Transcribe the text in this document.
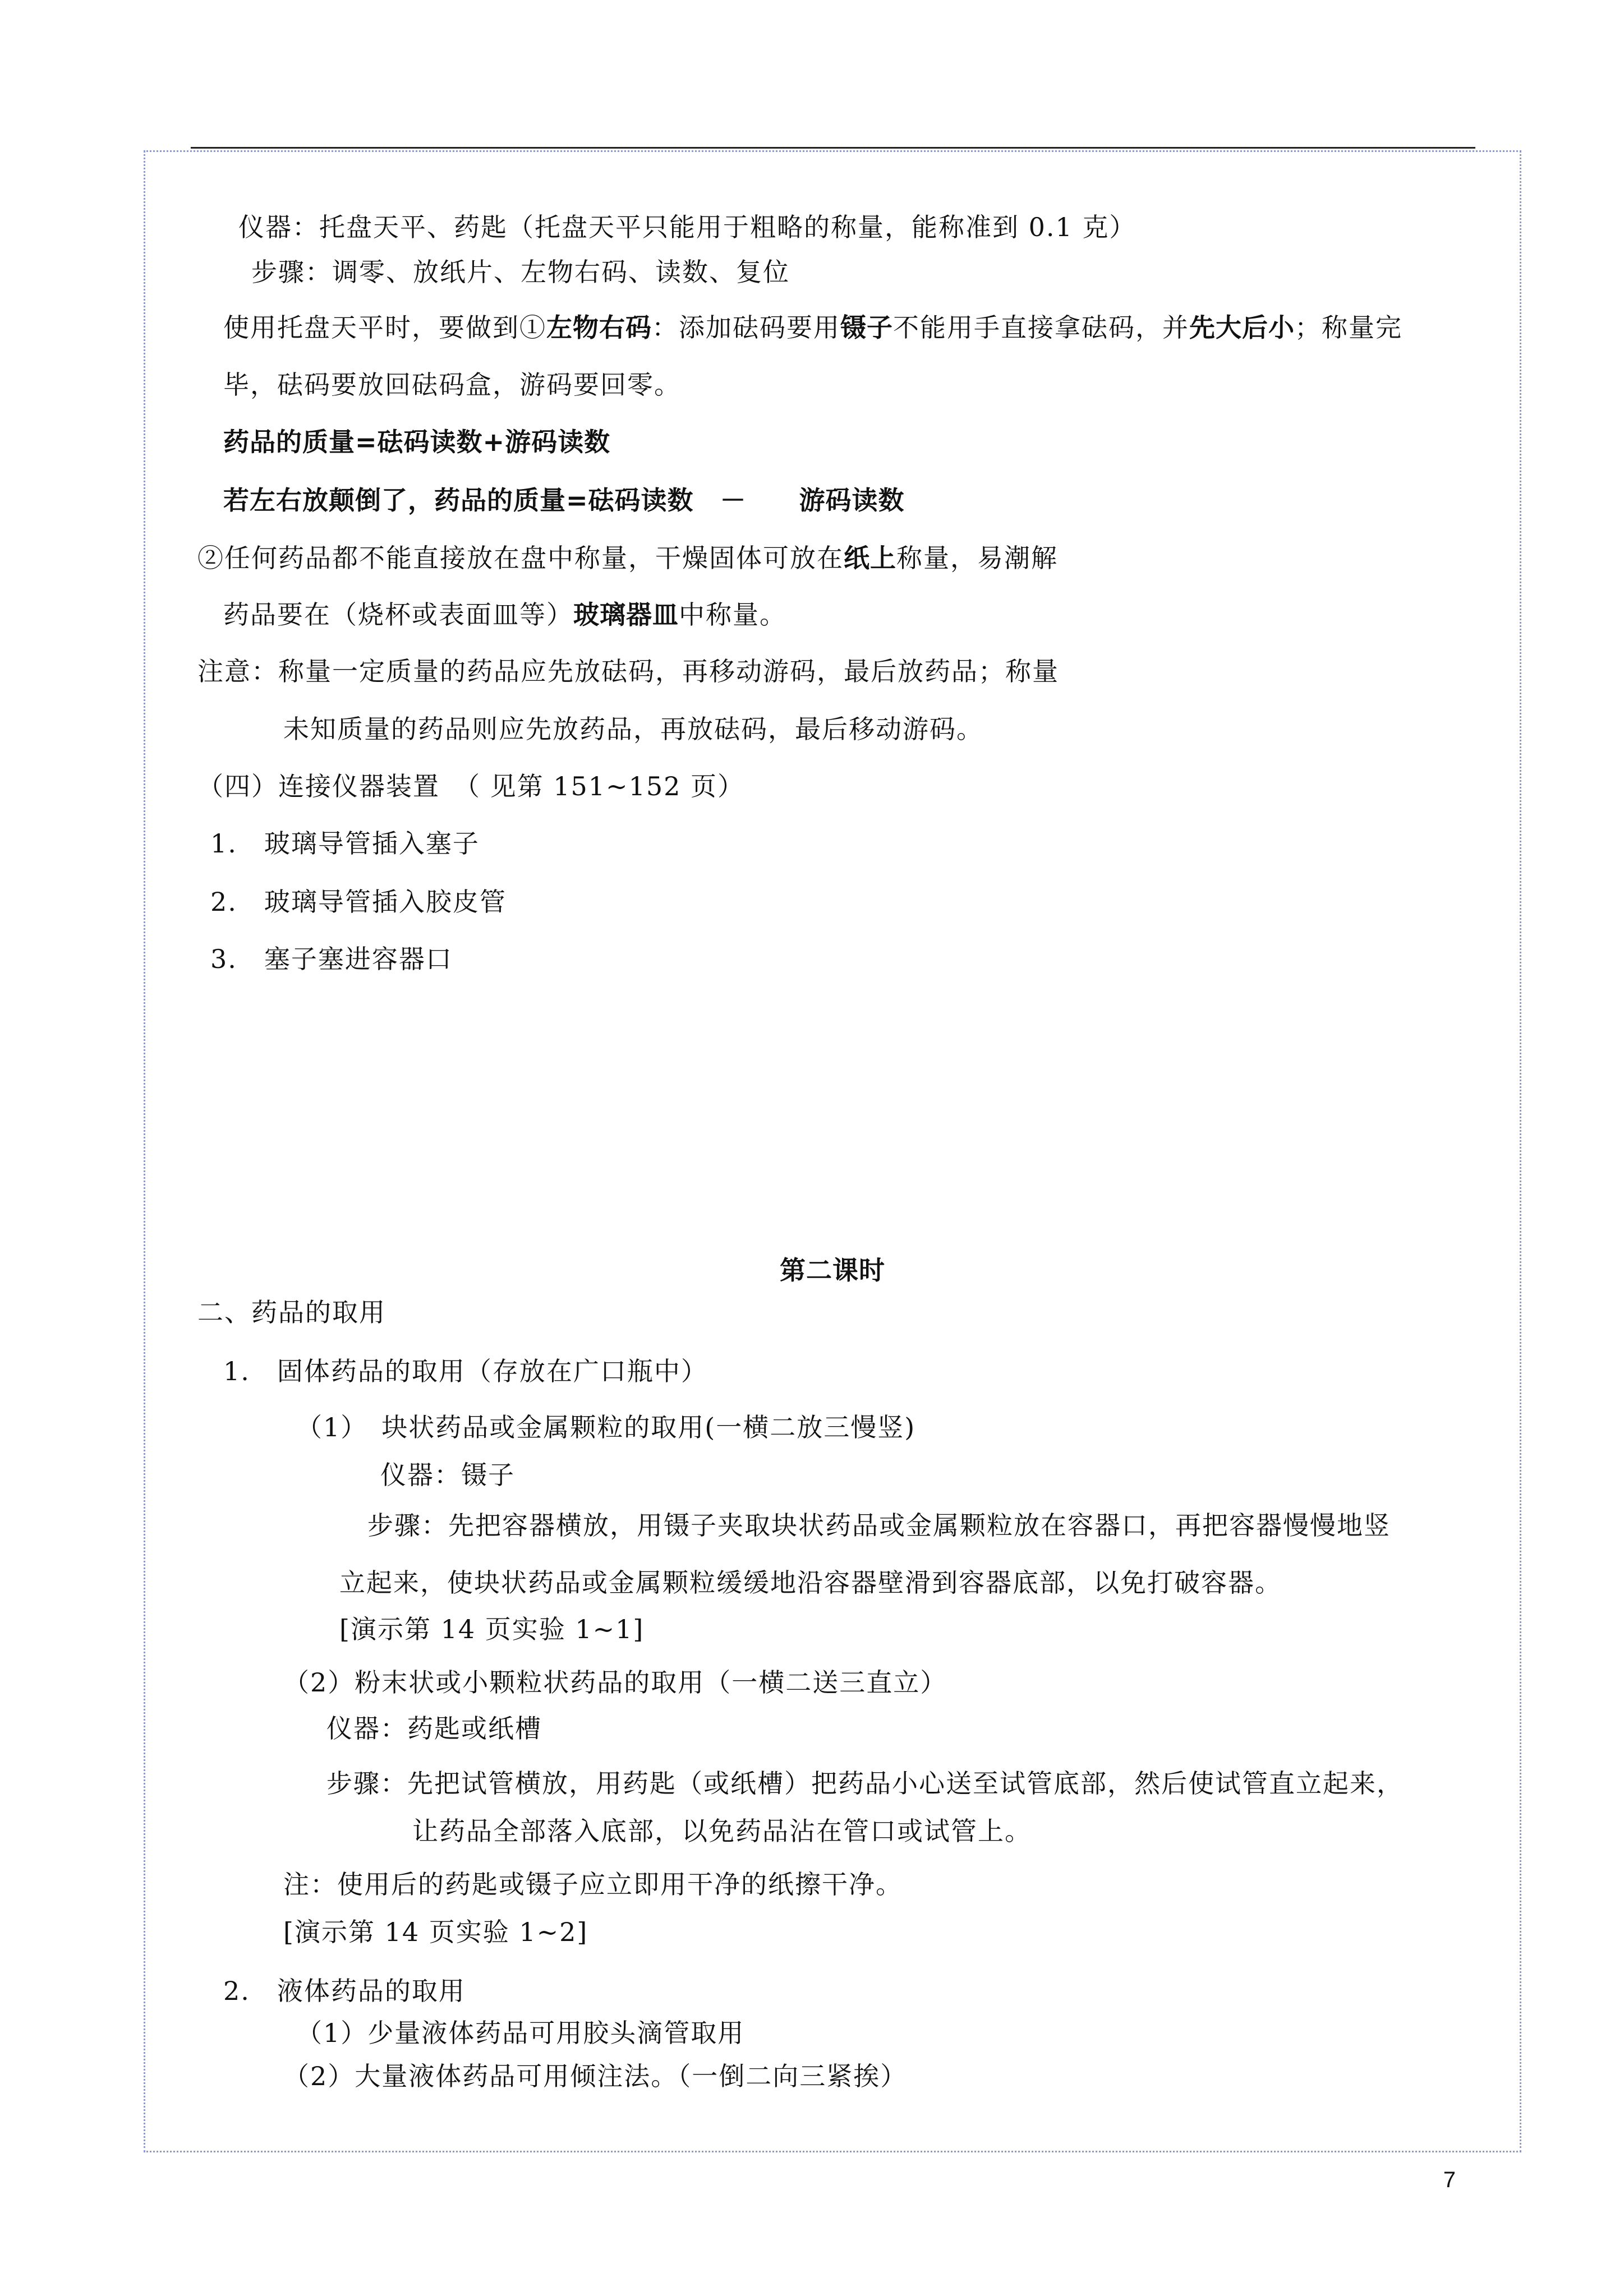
仪器：托盘天平、药匙（托盘天平只能用于粗略的称量，能称准到 0.1 克）
步骤：调零、放纸片、左物右码、读数、复位
使用托盘天平时，要做到①左物右码：添加砝码要用镊子不能用手直接拿砝码，并先大后小；称量完
毕，砝码要放回砝码盒，游码要回零。
药品的质量=砝码读数+游码读数
若左右放颠倒了，药品的质量=砝码读数　－　　游码读数
②任何药品都不能直接放在盘中称量，干燥固体可放在纸上称量，易潮解
药品要在（烧杯或表面皿等）玻璃器皿中称量。
注意：称量一定质量的药品应先放砝码，再移动游码，最后放药品；称量
未知质量的药品则应先放药品，再放砝码，最后移动游码。
（四）连接仪器装置　（ 见第 151~152 页）
1.　玻璃导管插入塞子
2.　玻璃导管插入胶皮管
3.　塞子塞进容器口
二、药品的取用
1.　固体药品的取用（存放在广口瓶中）
（1）　块状药品或金属颗粒的取用(一横二放三慢竖)
仪器：镊子
步骤：先把容器横放，用镊子夹取块状药品或金属颗粒放在容器口，再把容器慢慢地竖
立起来，使块状药品或金属颗粒缓缓地沿容器壁滑到容器底部，以免打破容器。
[演示第 14 页实验 1~1]
（2）粉末状或小颗粒状药品的取用（一横二送三直立）
仪器：药匙或纸槽
步骤：先把试管横放，用药匙（或纸槽）把药品小心送至试管底部，然后使试管直立起来，
让药品全部落入底部，以免药品沾在管口或试管上。
注：使用后的药匙或镊子应立即用干净的纸擦干净。
[演示第 14 页实验 1~2]
2.　液体药品的取用
（1）少量液体药品可用胶头滴管取用
（2）大量液体药品可用倾注法。（一倒二向三紧挨）
第二课时
7
